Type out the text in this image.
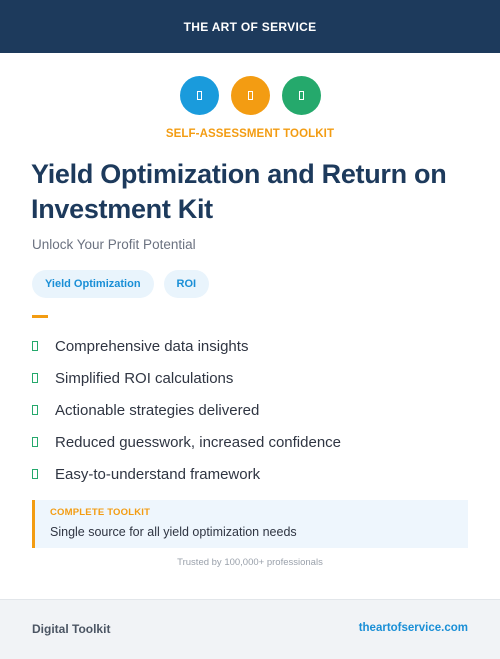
THE ART OF SERVICE
SELF-ASSESSMENT TOOLKIT
Yield Optimization and Return on Investment Kit
Unlock Your Profit Potential
Yield Optimization	ROI
Comprehensive data insights
Simplified ROI calculations
Actionable strategies delivered
Reduced guesswork, increased confidence
Easy-to-understand framework
COMPLETE TOOLKIT
Single source for all yield optimization needs
Trusted by 100,000+ professionals
Digital Toolkit	theartofservice.com
